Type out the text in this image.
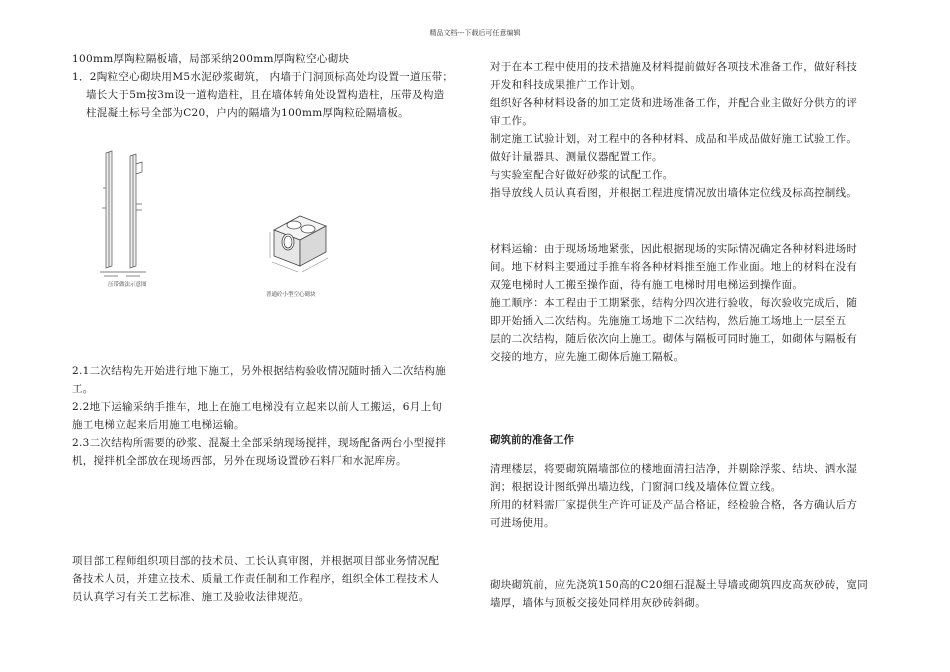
精品文档---下载后可任意编辑
100mm厚陶粒隔板墙，局部采纳200mm厚陶粒空心砌块
1．2陶粒空心砌块用M5水泥砂浆砌筑， 内墙于门洞顶标高处均设置一道压带；
墙长大于5m按3m设一道构造柱，且在墙体转角处设置构造柱，压带及构造
柱混凝土标号全部为C20，户内的隔墙为100mm厚陶粒砼隔墙板。
压带做法示意图
普通砼小型空心砌块
2.1二次结构先开始进行地下施工，另外根据结构验收情况随时插入二次结构施
工。
2.2地下运输采纳手推车，地上在施工电梯没有立起来以前人工搬运，6月上旬
施工电梯立起来后用施工电梯运输。
2.3二次结构所需要的砂浆、混凝土全部采纳现场搅拌，现场配备两台小型搅拌
机，搅拌机全部放在现场西部，另外在现场设置砂石料厂和水泥库房。
项目部工程师组织项目部的技术员、工长认真审图，并根据项目部业务情况配
备技术人员，并建立技术、质量工作责任制和工作程序，组织全体工程技术人
员认真学习有关工艺标准、施工及验收法律规范。
对于在本工程中使用的技术措施及材料提前做好各项技术准备工作，做好科技
开发和科技成果推广工作计划。
组织好各种材料设备的加工定货和进场准备工作，并配合业主做好分供方的评
审工作。
制定施工试验计划，对工程中的各种材料、成品和半成品做好施工试验工作。
做好计量器具、测量仪器配置工作。
与实验室配合好做好砂浆的试配工作。
指导放线人员认真看图，并根据工程进度情况放出墙体定位线及标高控制线。
材料运输：由于现场场地紧张，因此根据现场的实际情况确定各种材料进场时
间。地下材料主要通过手推车将各种材料推至施工作业面。地上的材料在没有
双笼电梯时人工搬至操作面，待有施工电梯时用电梯运到操作面。
施工顺序：本工程由于工期紧张，结构分四次进行验收，每次验收完成后，随
即开始插入二次结构。先施施工场地下二次结构，然后施工场地上一层至五
层的二次结构，随后依次向上施工。砌体与隔板可同时施工，如砌体与隔板有
交接的地方，应先施工砌体后施工隔板。
砌筑前的准备工作
清理楼层，将要砌筑隔墙部位的楼地面清扫洁净，并剔除浮浆、结块、洒水湿
润；根据设计图纸弹出墙边线，门窗洞口线及墙体位置立线。
所用的材料需厂家提供生产许可证及产品合格证，经检验合格，各方确认后方
可进场使用。
砌块砌筑前，应先浇筑150高的C20细石混凝土导墙或砌筑四皮高灰砂砖，宽同
墙厚，墙体与顶板交接处同样用灰砂砖斜砌。
